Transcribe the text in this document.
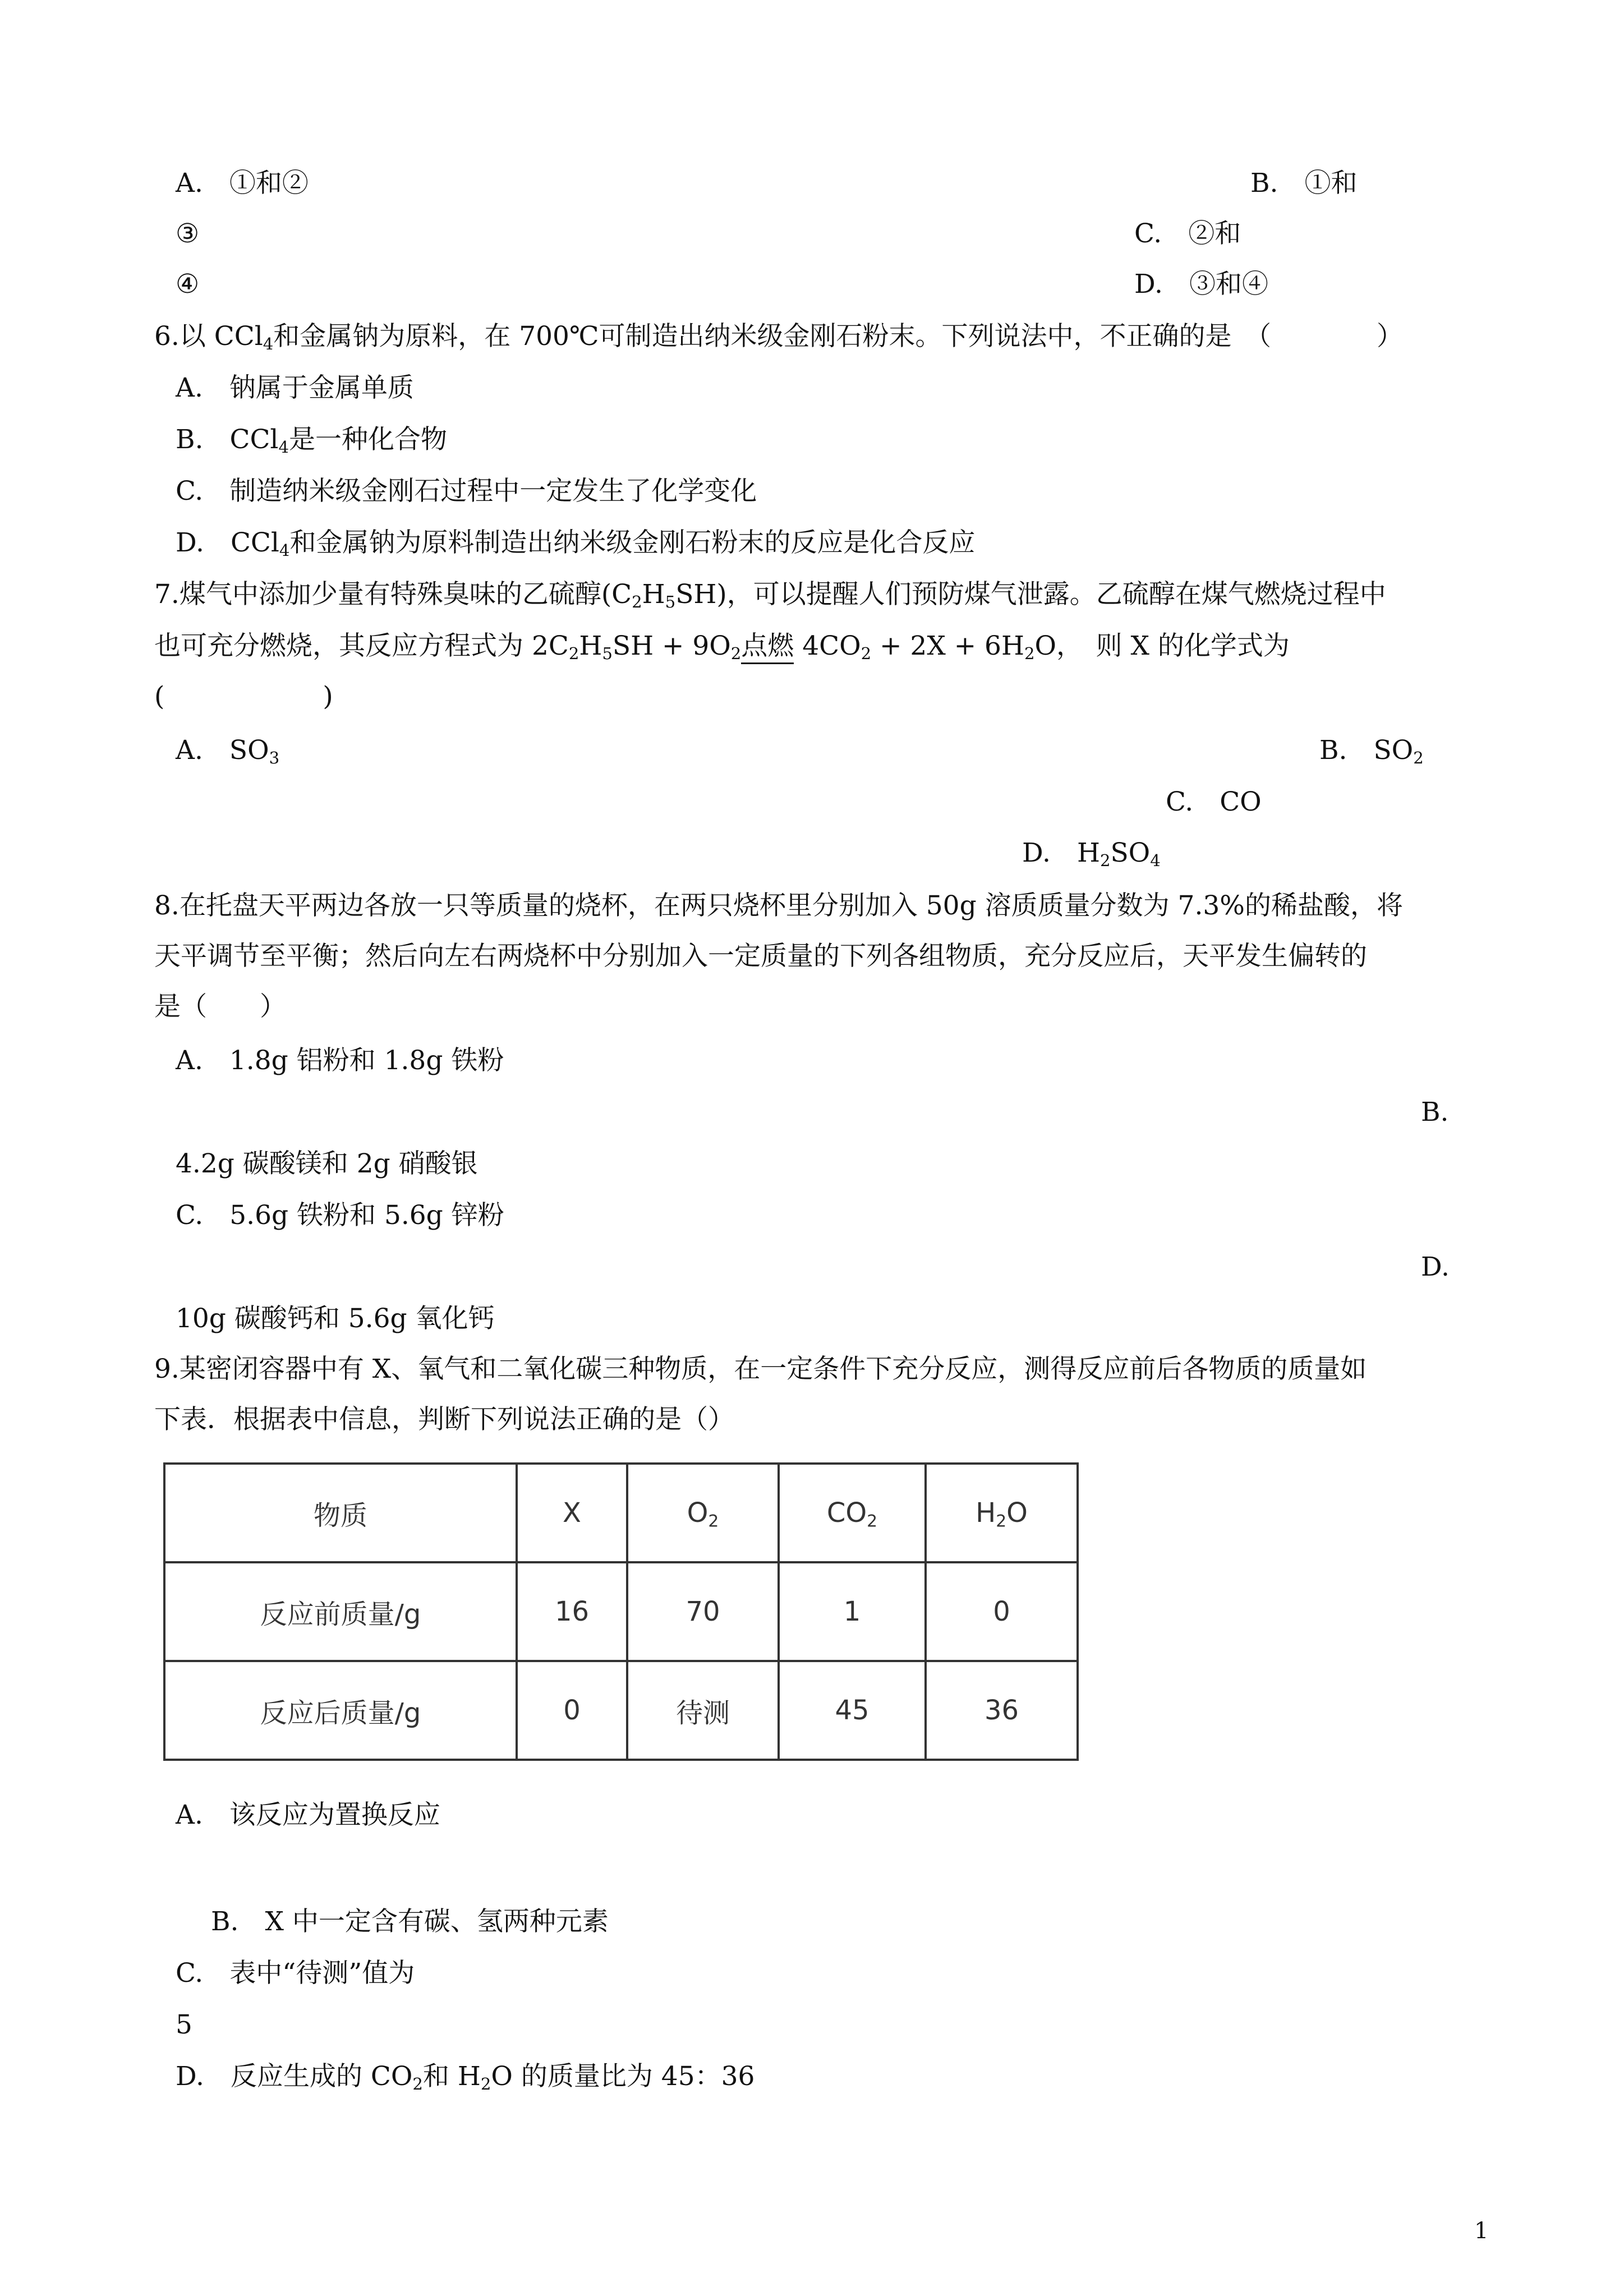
A.　①和②	B.　①和
③	C.　②和
④	D.　③和④
6.以 CCl$_4$和金属钠为原料，在 700℃可制造出纳米级金刚石粉末。下列说法中，不正确的是　（　　　　）
A.　钠属于金属单质
B.　CCl$_4$是一种化合物
C.　制造纳米级金刚石过程中一定发生了化学变化
D.　CCl$_4$和金属钠为原料制造出纳米级金刚石粉末的反应是化合反应
7.煤气中添加少量有特殊臭味的乙硫醇$(C_2H_5SH)$，可以提醒人们预防煤气泄露。乙硫醇在煤气燃烧过程中
也可充分燃烧，其反应方程式为 $2C_2H_5SH + 9O_2$点燃 $4CO_2 + 2X + 6H_2O$，　则 X 的化学式为
(　　　　　　)
A.　$SO_3$	B.　$SO_2$
C.　CO
D.　$H_2SO_4$
8.在托盘天平两边各放一只等质量的烧杯，在两只烧杯里分别加入 50g 溶质质量分数为 7.3%的稀盐酸，将
天平调节至平衡；然后向左右两烧杯中分别加入一定质量的下列各组物质，充分反应后，天平发生偏转的
是（　　）
A.　1.8g 铝粉和 1.8g 铁粉
B.
4.2g 碳酸镁和 2g 硝酸银
C.　5.6g 铁粉和 5.6g 锌粉
D.
10g 碳酸钙和 5.6g 氧化钙
9.某密闭容器中有 X、氧气和二氧化碳三种物质，在一定条件下充分反应，测得反应前后各物质的质量如
下表．根据表中信息，判断下列说法正确的是（）
物质	X	$O_2$	$CO_2$	$H_2O$
反应前质量/g	16	70	1	0
反应后质量/g	0	待测	45	36
A.　该反应为置换反应
B.　X 中一定含有碳、氢两种元素
C.　表中“待测”值为
5
D.　反应生成的 $CO_2$和 $H_2O$ 的质量比为 45：36
1
